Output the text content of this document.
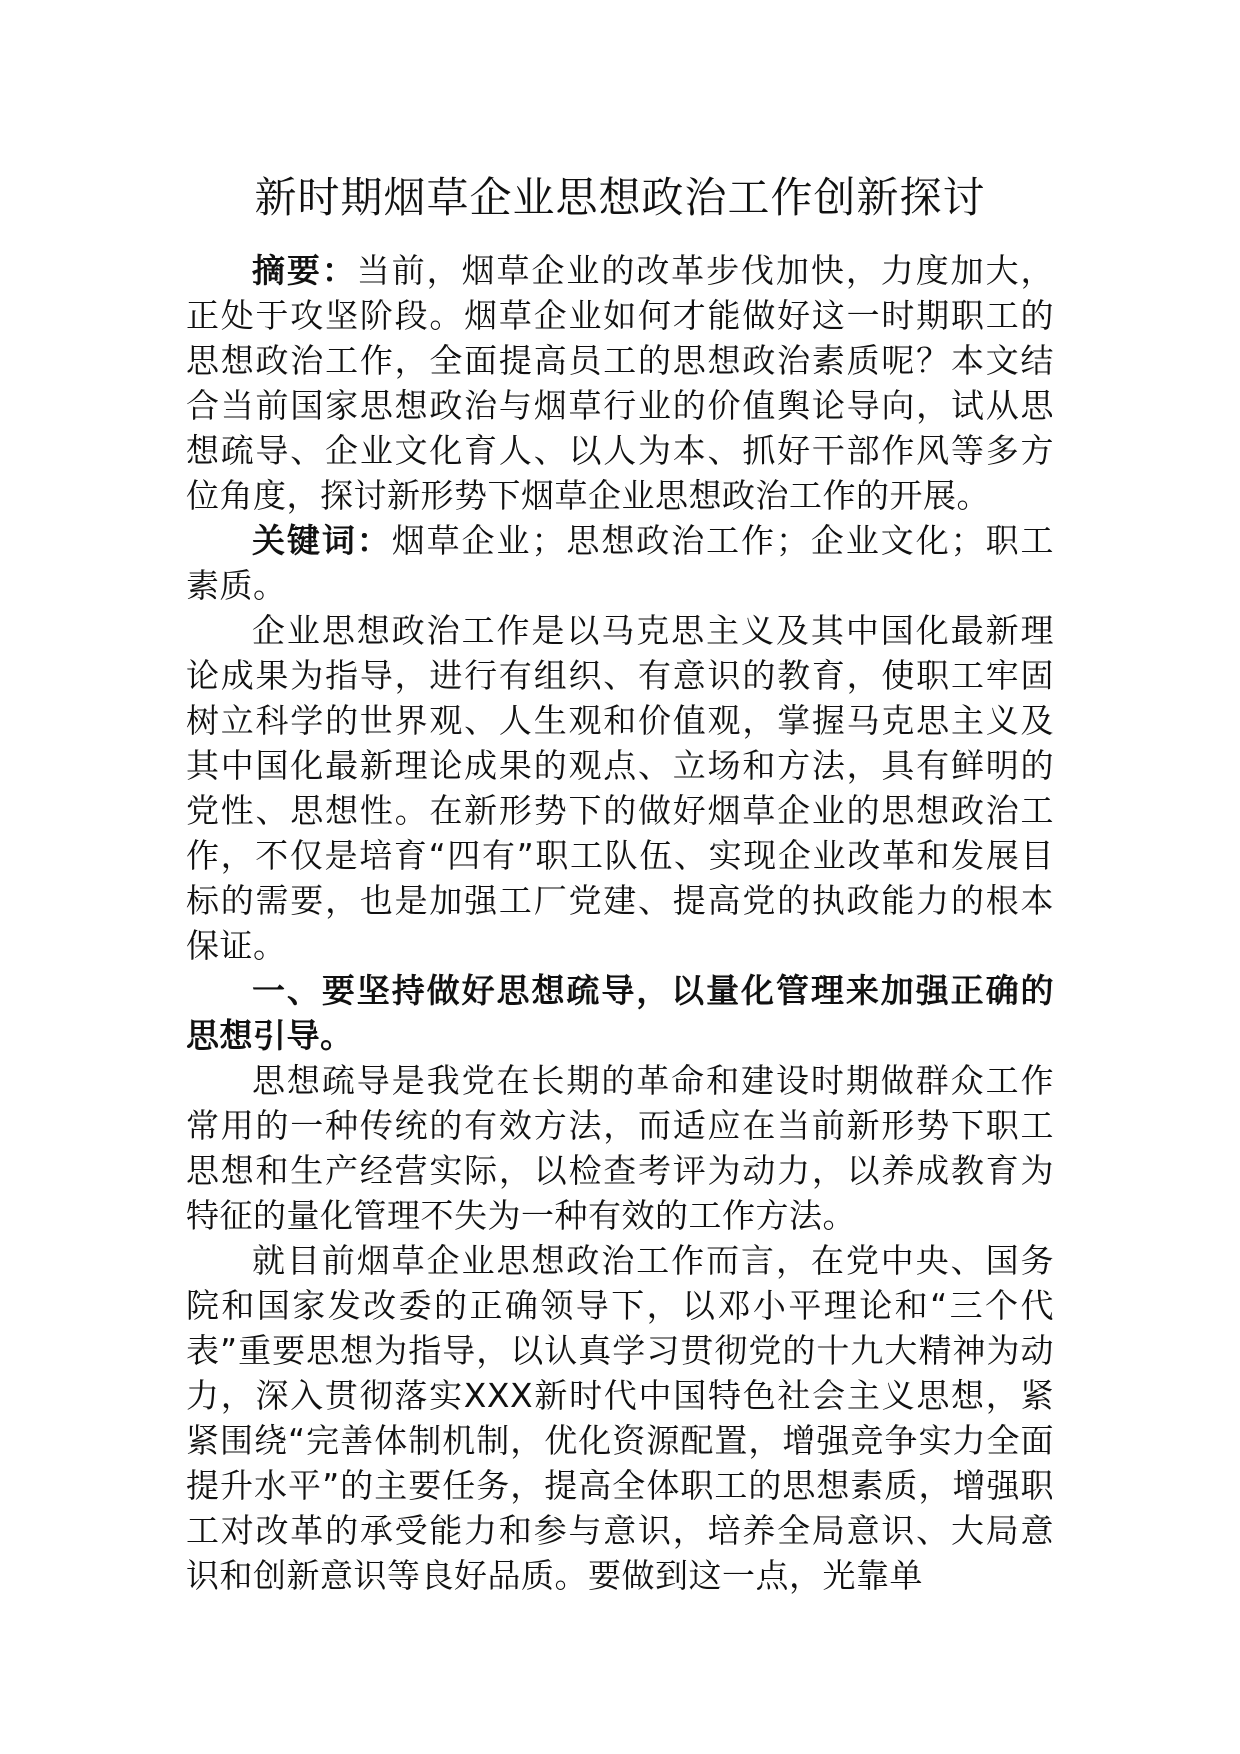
新时期烟草企业思想政治工作创新探讨

摘要：当前，烟草企业的改革步伐加快，力度加大，正处于攻坚阶段。烟草企业如何才能做好这一时期职工的思想政治工作，全面提高员工的思想政治素质呢？本文结合当前国家思想政治与烟草行业的价值舆论导向，试从思想疏导、企业文化育人、以人为本、抓好干部作风等多方位角度，探讨新形势下烟草企业思想政治工作的开展。

关键词：烟草企业；思想政治工作；企业文化；职工素质。

企业思想政治工作是以马克思主义及其中国化最新理论成果为指导，进行有组织、有意识的教育，使职工牢固树立科学的世界观、人生观和价值观，掌握马克思主义及其中国化最新理论成果的观点、立场和方法，具有鲜明的党性、思想性。在新形势下的做好烟草企业的思想政治工作，不仅是培育“四有”职工队伍、实现企业改革和发展目标的需要，也是加强工厂党建、提高党的执政能力的根本保证。

一、要坚持做好思想疏导，以量化管理来加强正确的思想引导。

思想疏导是我党在长期的革命和建设时期做群众工作常用的一种传统的有效方法，而适应在当前新形势下职工思想和生产经营实际，以检查考评为动力，以养成教育为特征的量化管理不失为一种有效的工作方法。

就目前烟草企业思想政治工作而言，在党中央、国务院和国家发改委的正确领导下，以邓小平理论和“三个代表”重要思想为指导，以认真学习贯彻党的十九大精神为动力，深入贯彻落实XXX新时代中国特色社会主义思想，紧紧围绕“完善体制机制，优化资源配置，增强竞争实力全面提升水平”的主要任务，提高全体职工的思想素质，增强职工对改革的承受能力和参与意识，培养全局意识、大局意识和创新意识等良好品质。要做到这一点，光靠单
